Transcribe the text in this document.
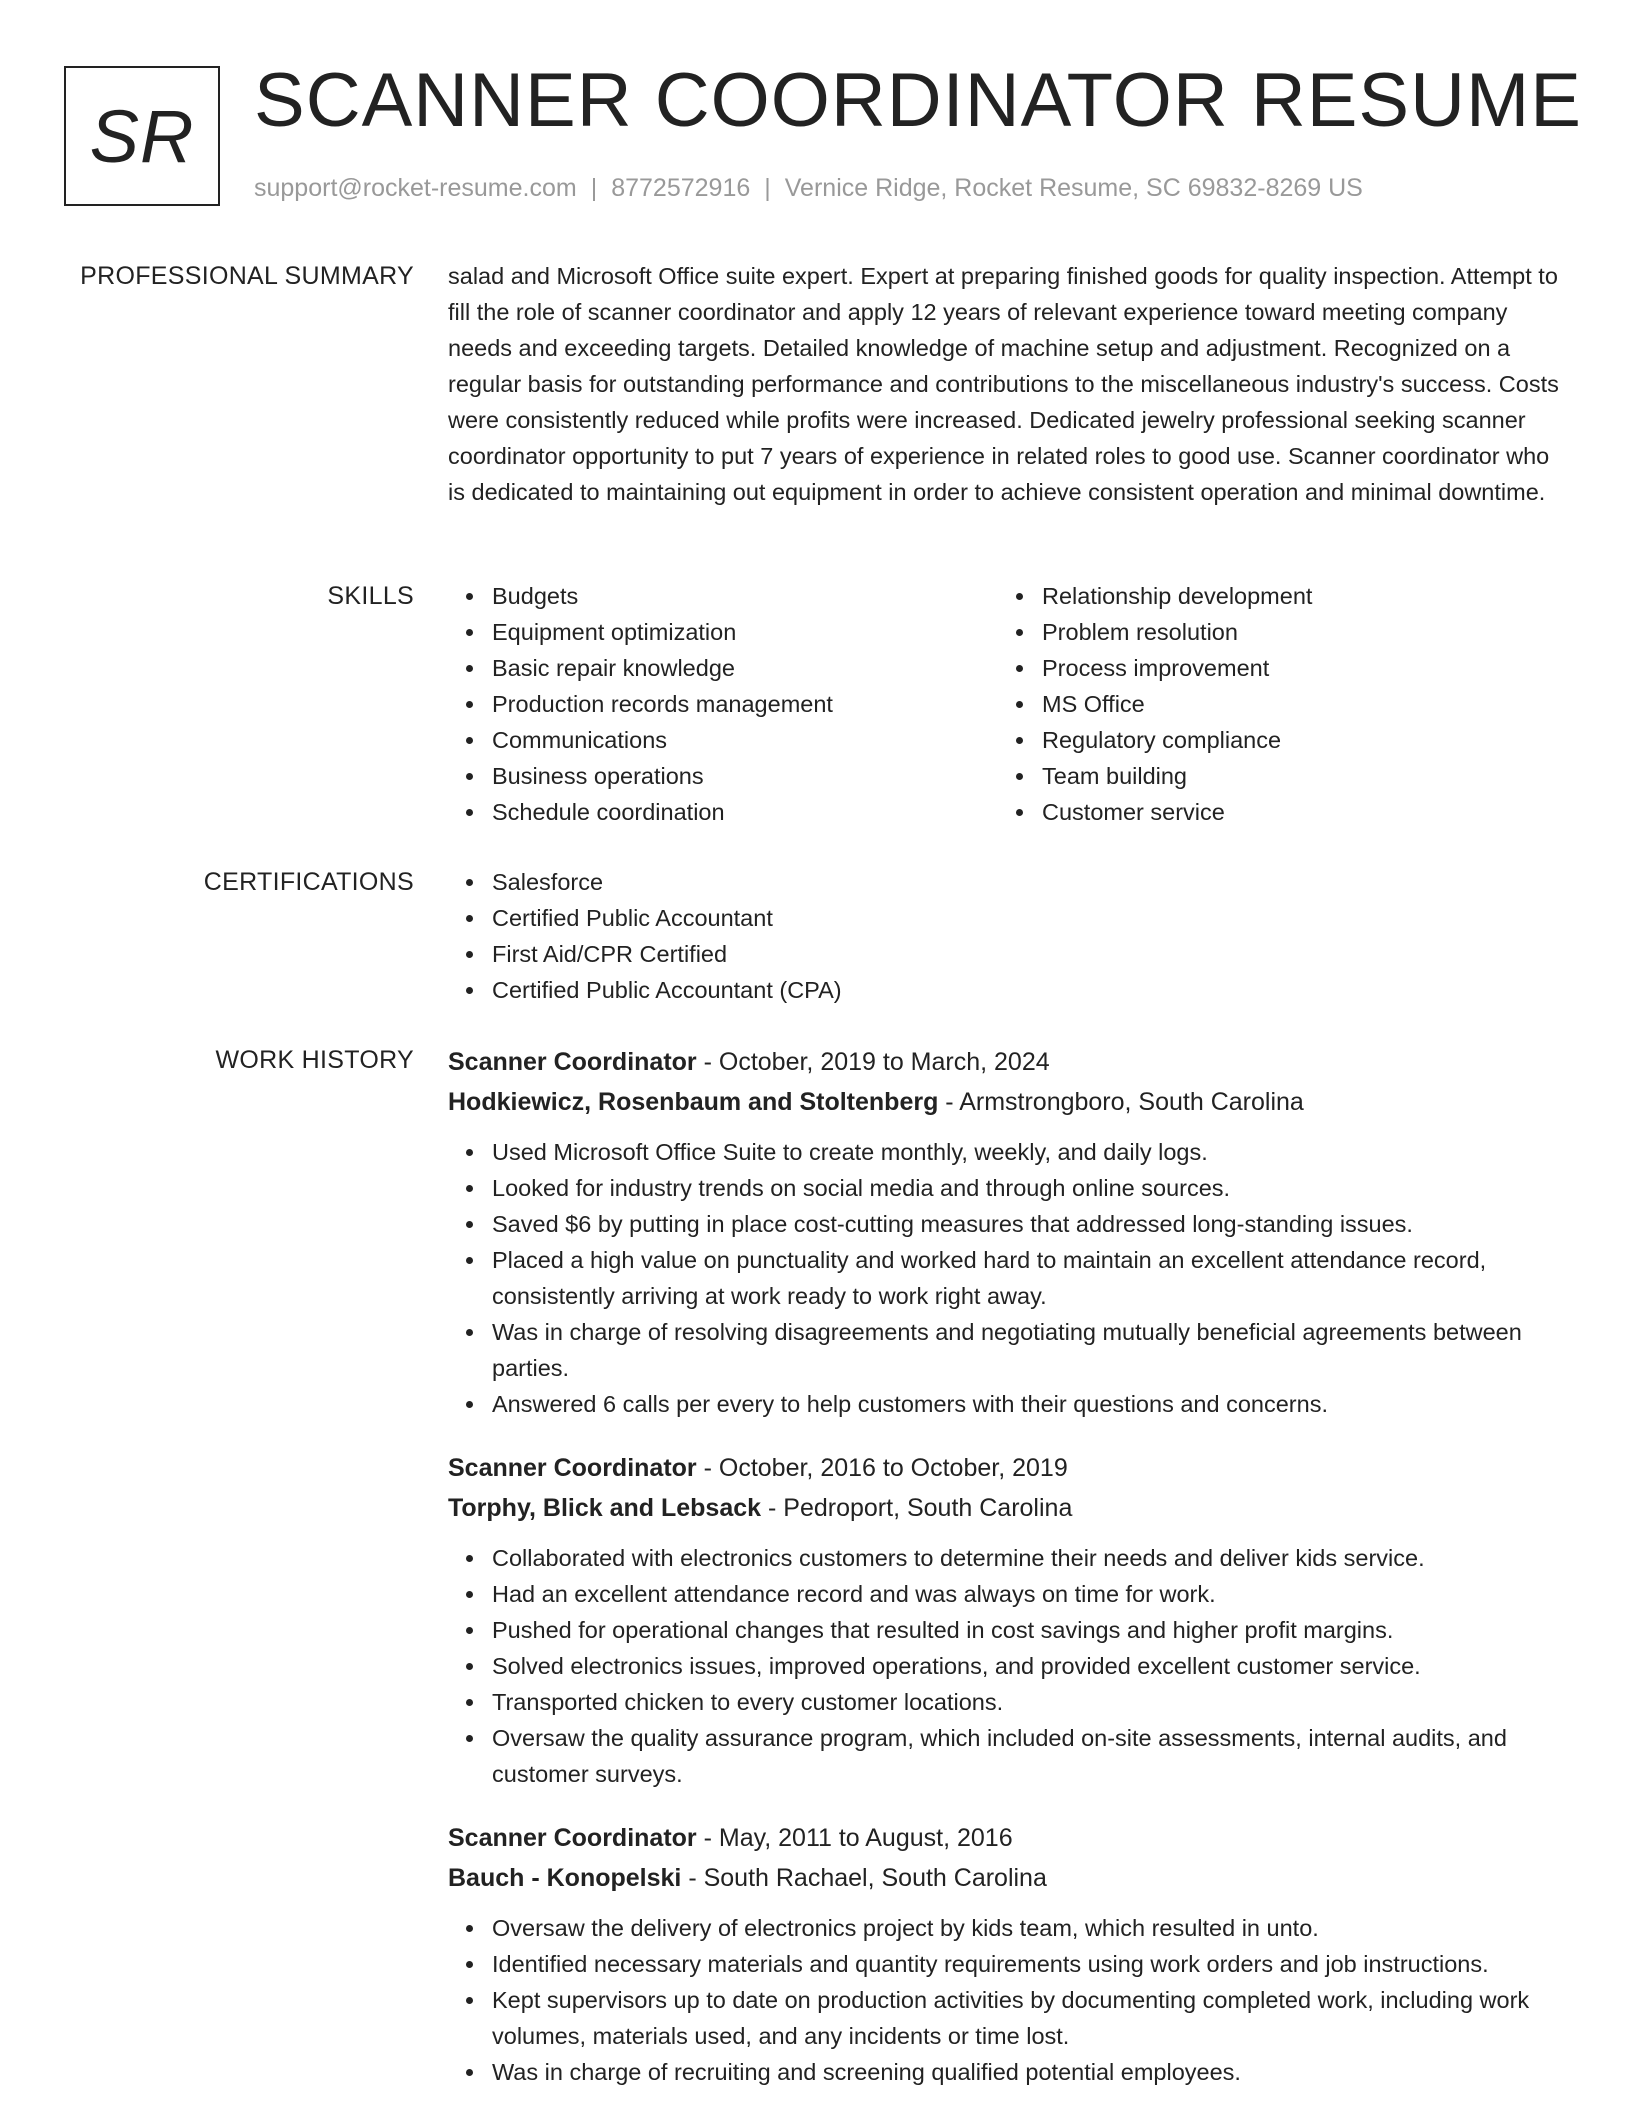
SR SCANNER COORDINATOR RESUME
support@rocket-resume.com | 8772572916 | Vernice Ridge, Rocket Resume, SC 69832-8269 US
PROFESSIONAL SUMMARY salad and Microsoft Office suite expert. Expert at preparing finished goods for quality inspection. Attempt to fill the role of scanner coordinator and apply 12 years of relevant experience toward meeting company needs and exceeding targets. Detailed knowledge of machine setup and adjustment. Recognized on a regular basis for outstanding performance and contributions to the miscellaneous industry's success. Costs were consistently reduced while profits were increased. Dedicated jewelry professional seeking scanner coordinator opportunity to put 7 years of experience in related roles to good use. Scanner coordinator who is dedicated to maintaining out equipment in order to achieve consistent operation and minimal downtime.

SKILLS	Budgets
Equipment optimization
Basic repair knowledge
Production records management
Communications
Business operations
Schedule coordination
Relationship development
Problem resolution
Process improvement
MS Office
Regulatory compliance
Team building
Customer service
CERTIFICATIONS	Salesforce
Certified Public Accountant
First Aid/CPR Certified
Certified Public Accountant (CPA)
WORK HISTORY Scanner Coordinator - October, 2019 to March, 2024
Hodkiewicz, Rosenbaum and Stoltenberg - Armstrongboro, South Carolina
Used Microsoft Office Suite to create monthly, weekly, and daily logs.
Looked for industry trends on social media and through online sources.
Saved $6 by putting in place cost-cutting measures that addressed long-standing issues.
Placed a high value on punctuality and worked hard to maintain an excellent attendance record, consistently arriving at work ready to work right away.
Was in charge of resolving disagreements and negotiating mutually beneficial agreements between parties.
Answered 6 calls per every to help customers with their questions and concerns.
Scanner Coordinator - October, 2016 to October, 2019
Torphy, Blick and Lebsack - Pedroport, South Carolina
Collaborated with electronics customers to determine their needs and deliver kids service.
Had an excellent attendance record and was always on time for work.
Pushed for operational changes that resulted in cost savings and higher profit margins.
Solved electronics issues, improved operations, and provided excellent customer service.
Transported chicken to every customer locations.
Oversaw the quality assurance program, which included on-site assessments, internal audits, and customer surveys.
Scanner Coordinator - May, 2011 to August, 2016
Bauch - Konopelski - South Rachael, South Carolina
Oversaw the delivery of electronics project by kids team, which resulted in unto.
Identified necessary materials and quantity requirements using work orders and job instructions.
Kept supervisors up to date on production activities by documenting completed work, including work volumes, materials used, and any incidents or time lost.
Was in charge of recruiting and screening qualified potential employees.
